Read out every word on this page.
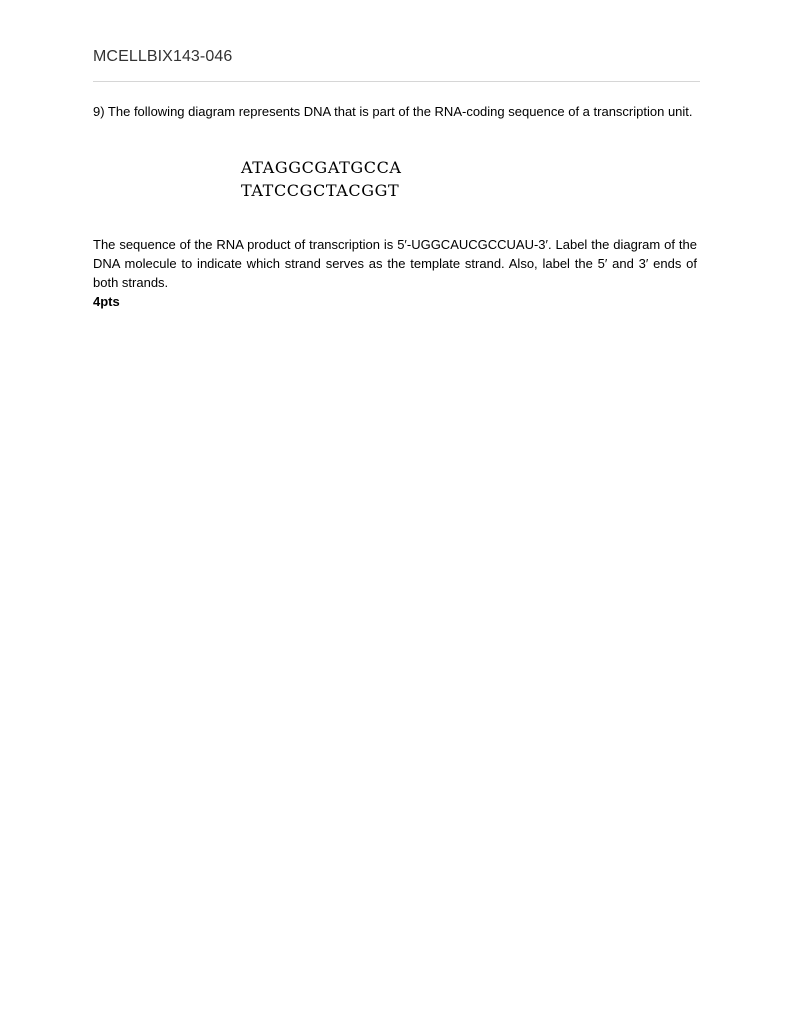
MCELLBIX143-046
9) The following diagram represents DNA that is part of the RNA-coding sequence of a transcription unit.
ATAGGCGATGCCA
TATCCGCTACGGT
The sequence of the RNA product of transcription is 5′-UGGCAUCGCCUAU-3′. Label the diagram of the DNA molecule to indicate which strand serves as the template strand. Also, label the 5′ and 3′ ends of both strands.
4pts
